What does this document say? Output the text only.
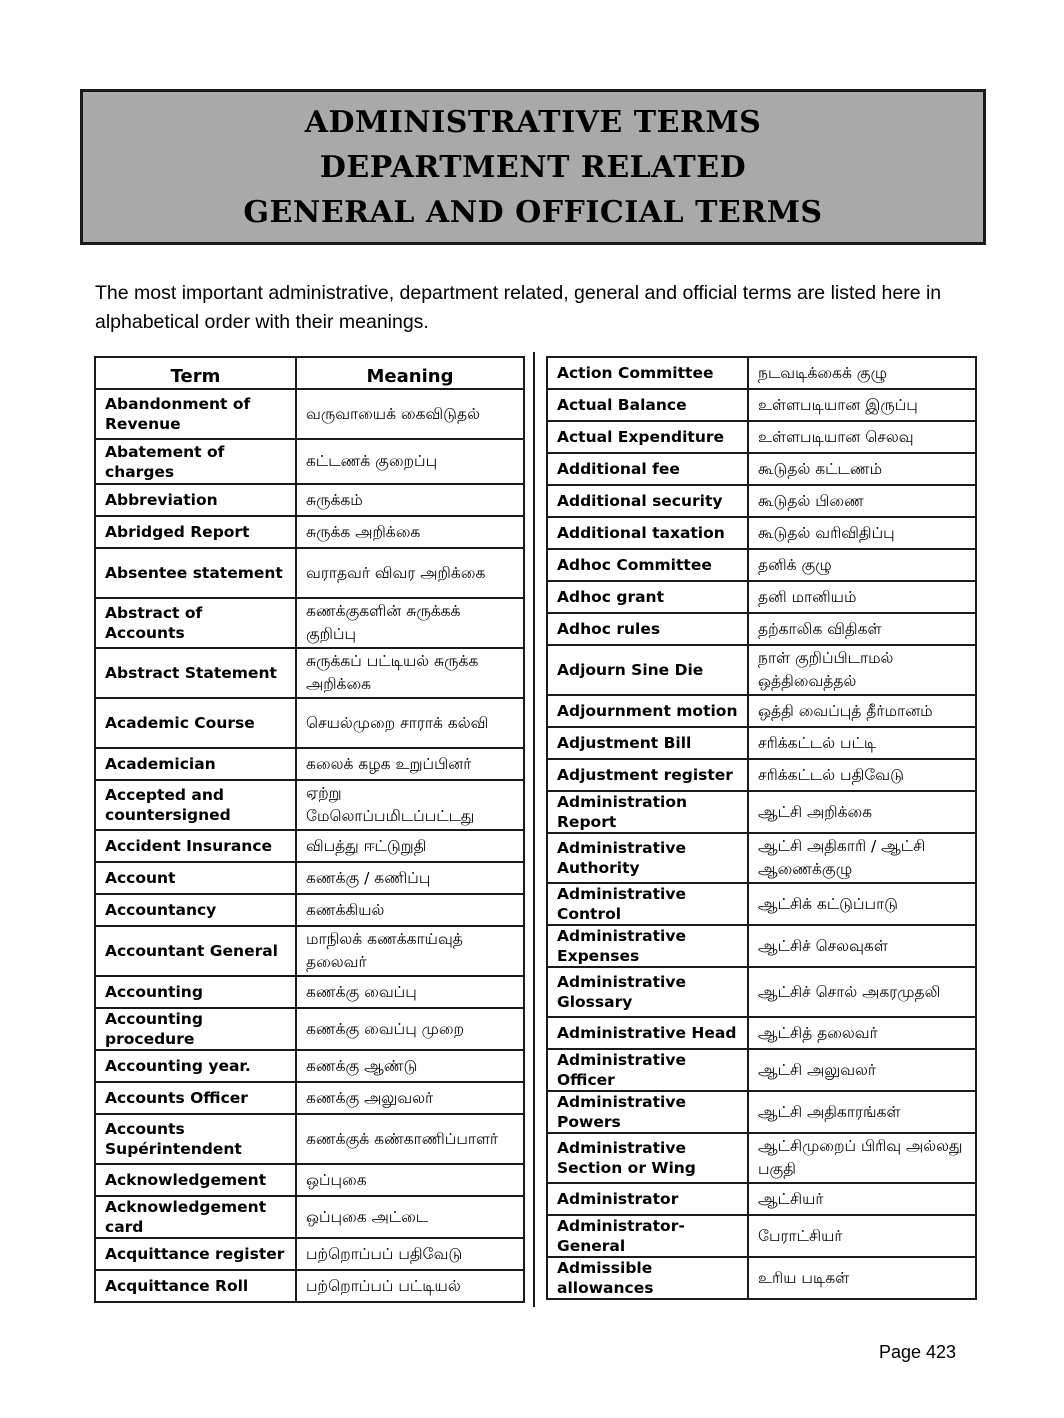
ADMINISTRATIVE TERMS
DEPARTMENT RELATED
GENERAL AND OFFICIAL TERMS
The most important administrative, department related, general and official terms are listed here in alphabetical order with their meanings.
Term	Meaning
Abandonment of Revenue	வருவாயைக் கைவிடுதல்
Abatement of charges	கட்டணக் குறைப்பு
Abbreviation	சுருக்கம்
Abridged Report	சுருக்க அறிக்கை
Absentee statement	வராதவர் விவர அறிக்கை
Abstract of Accounts	கணக்குகளின் சுருக்கக் குறிப்பு
Abstract Statement	சுருக்கப் பட்டியல் சுருக்க அறிக்கை
Academic Course	செயல்முறை சாராக் கல்வி
Academician	கலைக் கழக உறுப்பினர்
Accepted and countersigned	ஏற்று மேலொப்பமிடப்பட்டது
Accident Insurance	விபத்து ஈட்டுறுதி
Account	கணக்கு / கணிப்பு
Accountancy	கணக்கியல்
Accountant General	மாநிலக் கணக்காய்வுத் தலைவர்
Accounting	கணக்கு வைப்பு
Accounting procedure	கணக்கு வைப்பு முறை
Accounting year.	கணக்கு ஆண்டு
Accounts Officer	கணக்கு அலுவலர்
Accounts Supérintendent	கணக்குக் கண்காணிப்பாளர்
Acknowledgement	ஒப்புகை
Acknowledgement card	ஒப்புகை அட்டை
Acquittance register	பற்றொப்பப் பதிவேடு
Acquittance Roll	பற்றொப்பப் பட்டியல்
Action Committee	நடவடிக்கைக் குழு
Actual Balance	உள்ளபடியான இருப்பு
Actual Expenditure	உள்ளபடியான செலவு
Additional fee	கூடுதல் கட்டணம்
Additional security	கூடுதல் பிணை
Additional taxation	கூடுதல் வரிவிதிப்பு
Adhoc Committee	தனிக் குழு
Adhoc grant	தனி மானியம்
Adhoc rules	தற்காலிக விதிகள்
Adjourn Sine Die	நாள் குறிப்பிடாமல் ஒத்திவைத்தல்
Adjournment motion	ஒத்தி வைப்புத் தீர்மானம்
Adjustment Bill	சரிக்கட்டல் பட்டி
Adjustment register	சரிக்கட்டல் பதிவேடு
Administration Report	ஆட்சி அறிக்கை
Administrative Authority	ஆட்சி அதிகாரி / ஆட்சி ஆணைக்குழு
Administrative Control	ஆட்சிக் கட்டுப்பாடு
Administrative Expenses	ஆட்சிச் செலவுகள்
Administrative Glossary	ஆட்சிச் சொல் அகரமுதலி
Administrative Head	ஆட்சித் தலைவர்
Administrative Officer	ஆட்சி அலுவலர்
Administrative Powers	ஆட்சி அதிகாரங்கள்
Administrative Section or Wing	ஆட்சிமுறைப் பிரிவு அல்லது பகுதி
Administrator	ஆட்சியர்
Administrator-General	பேராட்சியர்
Admissible allowances	உரிய படிகள்
Page 423
